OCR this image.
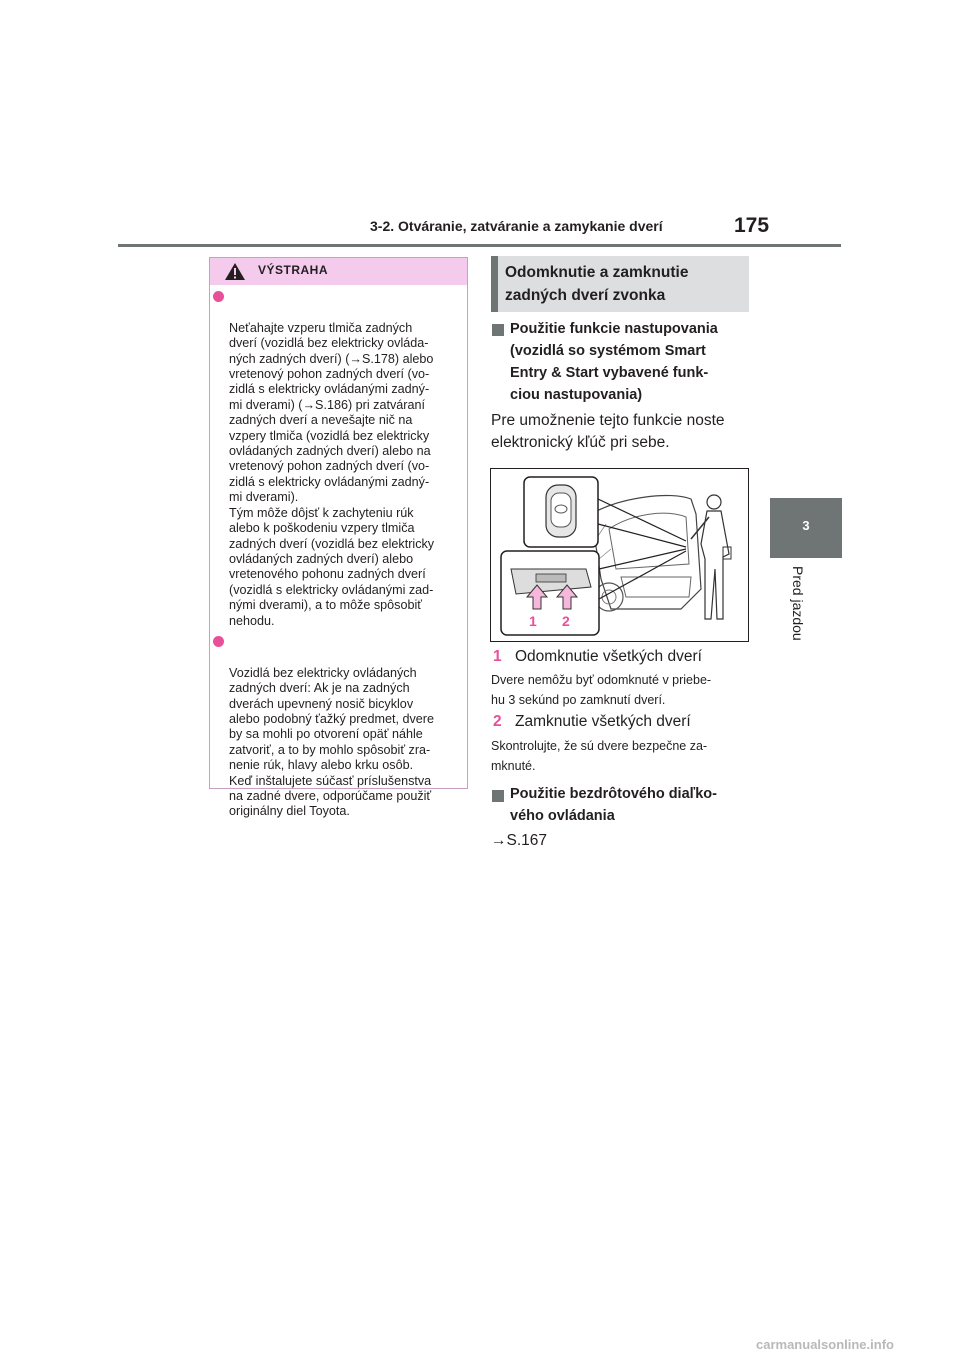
3-2. Otváranie, zatváranie a zamykanie dverí	175
3
Pred jazdou
VÝSTRAHA

Neťahajte vzperu tlmiča zadných
dverí (vozidlá bez elektricky ovláda-
ných zadných dverí) (→S.178) alebo
vretenový pohon zadných dverí (vo-
zidlá s elektricky ovládanými zadný-
mi dverami) (→S.186) pri zatváraní
zadných dverí a nevešajte nič na
vzpery tlmiča (vozidlá bez elektricky
ovládaných zadných dverí) alebo na
vretenový pohon zadných dverí (vo-
zidlá s elektricky ovládanými zadný-
mi dverami).
Tým môže dôjsť k zachyteniu rúk
alebo k poškodeniu vzpery tlmiča
zadných dverí (vozidlá bez elektricky
ovládaných zadných dverí) alebo
vretenového pohonu zadných dverí
(vozidlá s elektricky ovládanými zad-
nými dverami), a to môže spôsobiť
nehodu.

Vozidlá bez elektricky ovládaných
zadných dverí: Ak je na zadných
dverách upevnený nosič bicyklov
alebo podobný ťažký predmet, dvere
by sa mohli po otvorení opäť náhle
zatvoriť, a to by mohlo spôsobiť zra-
nenie rúk, hlavy alebo krku osôb.
Keď inštalujete súčasť príslušenstva
na zadné dvere, odporúčame použiť
originálny diel Toyota.

Odomknutie a zamknutie
zadných dverí zvonka
Použitie funkcie nastupovania
(vozidlá so systémom Smart
Entry & Start vybavené funk-
ciou nastupovania)
Pre umožnenie tejto funkcie noste
elektronický kľúč pri sebe.
1 2
1 Odomknutie všetkých dverí
Dvere nemôžu byť odomknuté v priebe-
hu 3 sekúnd po zamknutí dverí.
2 Zamknutie všetkých dverí
Skontrolujte, že sú dvere bezpečne za-
mknuté.
Použitie bezdrôtového diaľko-
vého ovládania
→S.167
carmanualsonline.info
